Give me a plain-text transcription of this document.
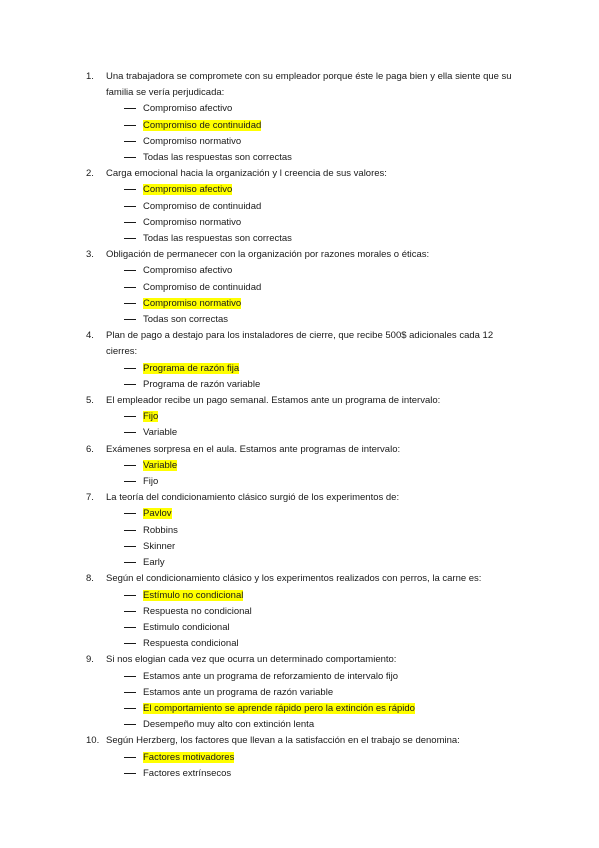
1. Una trabajadora se compromete con su empleador porque éste le paga bien y ella siente que su familia se vería perjudicada:
Compromiso afectivo
Compromiso de continuidad
Compromiso normativo
Todas las respuestas son correctas
2. Carga emocional hacia la organización y l creencia de sus valores:
Compromiso afectivo
Compromiso de continuidad
Compromiso normativo
Todas las respuestas son correctas
3. Obligación de permanecer con la organización por razones morales o éticas:
Compromiso afectivo
Compromiso de continuidad
Compromiso normativo
Todas son correctas
4. Plan de pago a destajo para los instaladores de cierre, que recibe 500$ adicionales cada 12 cierres:
Programa de razón fija
Programa de razón variable
5. El empleador recibe un pago semanal. Estamos ante un programa de intervalo:
Fijo
Variable
6. Exámenes sorpresa en el aula. Estamos ante programas de intervalo:
Variable
Fijo
7. La teoría del condicionamiento clásico surgió de los experimentos de:
Pavlov
Robbins
Skinner
Early
8. Según el condicionamiento clásico y los experimentos realizados con perros, la carne es:
Estímulo no condicional
Respuesta no condicional
Estimulo condicional
Respuesta condicional
9. Si nos elogian cada vez que ocurra un determinado comportamiento:
Estamos ante un programa de reforzamiento de intervalo fijo
Estamos ante un programa de razón variable
El comportamiento se aprende rápido pero la extinción es rápido
Desempeño muy alto con extinción lenta
10. Según Herzberg, los factores que llevan a la satisfacción en el trabajo se denomina:
Factores motivadores
Factores extrínsecos
